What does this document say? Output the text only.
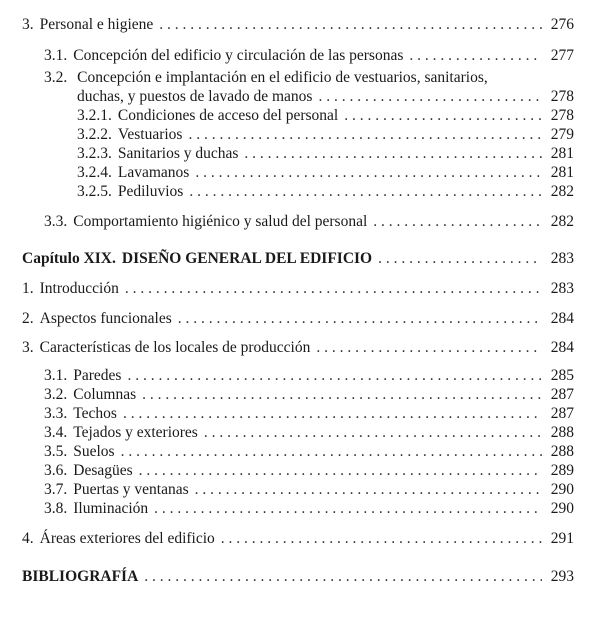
3. Personal e higiene . . .	276
3.1. Concepción del edificio y circulación de las personas . . .	277
3.2. Concepción e implantación en el edificio de vestuarios, sanitarios,
duchas, y puestos de lavado de manos . . .	278
3.2.1. Condiciones de acceso del personal . . .	278
3.2.2. Vestuarios . . .	279
3.2.3. Sanitarios y duchas . . .	281
3.2.4. Lavamanos . . .	281
3.2.5. Pediluvios . . .	282
3.3. Comportamiento higiénico y salud del personal . . .	282
Capítulo XIX. DISEÑO GENERAL DEL EDIFICIO . . .	283
1. Introducción . . .	283
2. Aspectos funcionales . . .	284
3. Características de los locales de producción . . .	284
3.1. Paredes . . .	285
3.2. Columnas . . .	287
3.3. Techos . . .	287
3.4. Tejados y exteriores . . .	288
3.5. Suelos . . .	288
3.6. Desagües . . .	289
3.7. Puertas y ventanas . . .	290
3.8. Iluminación . . .	290
4. Áreas exteriores del edificio . . .	291
BIBLIOGRAFÍA . . .	293
